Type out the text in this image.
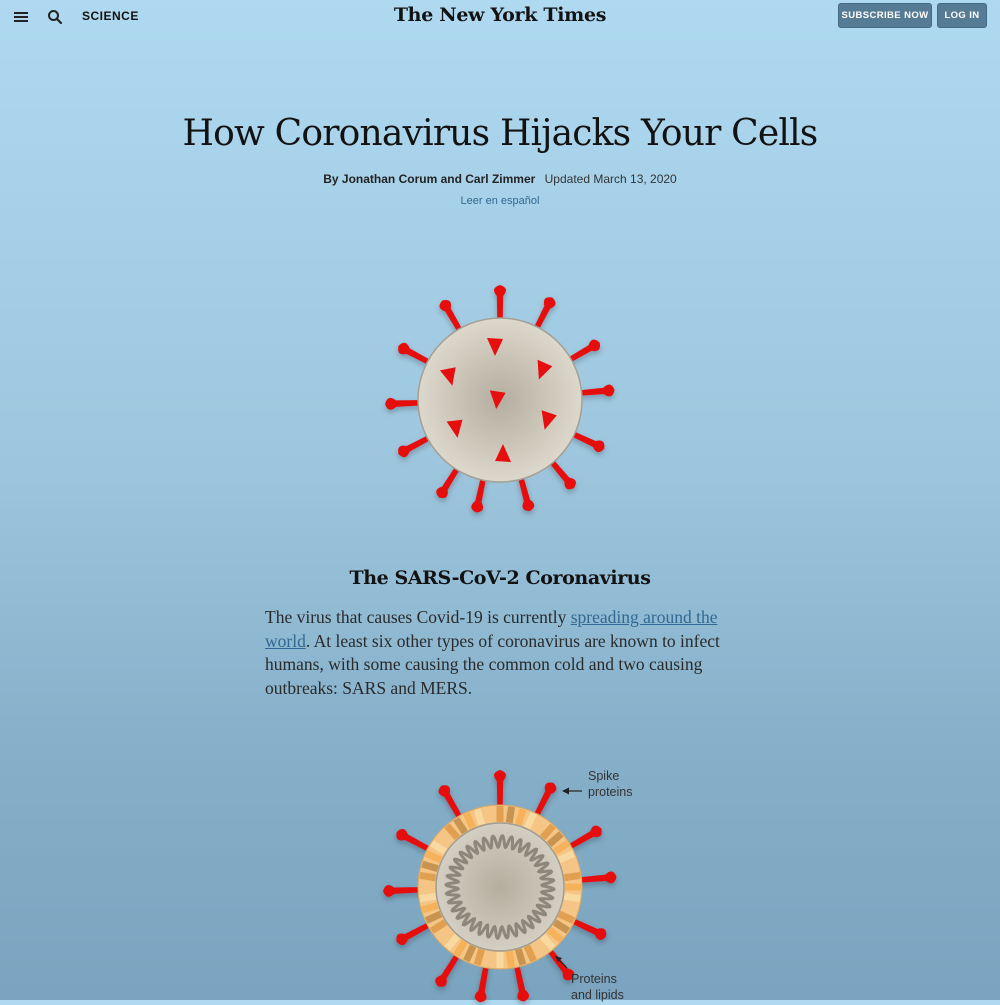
SCIENCE	The New York Times	SUBSCRIBE NOW	LOG IN
How Coronavirus Hijacks Your Cells
By Jonathan Corum and Carl Zimmer Updated March 13, 2020
Leer en español
The SARS-CoV-2 Coronavirus

The virus that causes Covid-19 is currently spreading around the world. At least six other types of coronavirus are known to infect humans, with some causing the common cold and two causing outbreaks: SARS and MERS.

Spike
proteins
Proteins
and lipids
